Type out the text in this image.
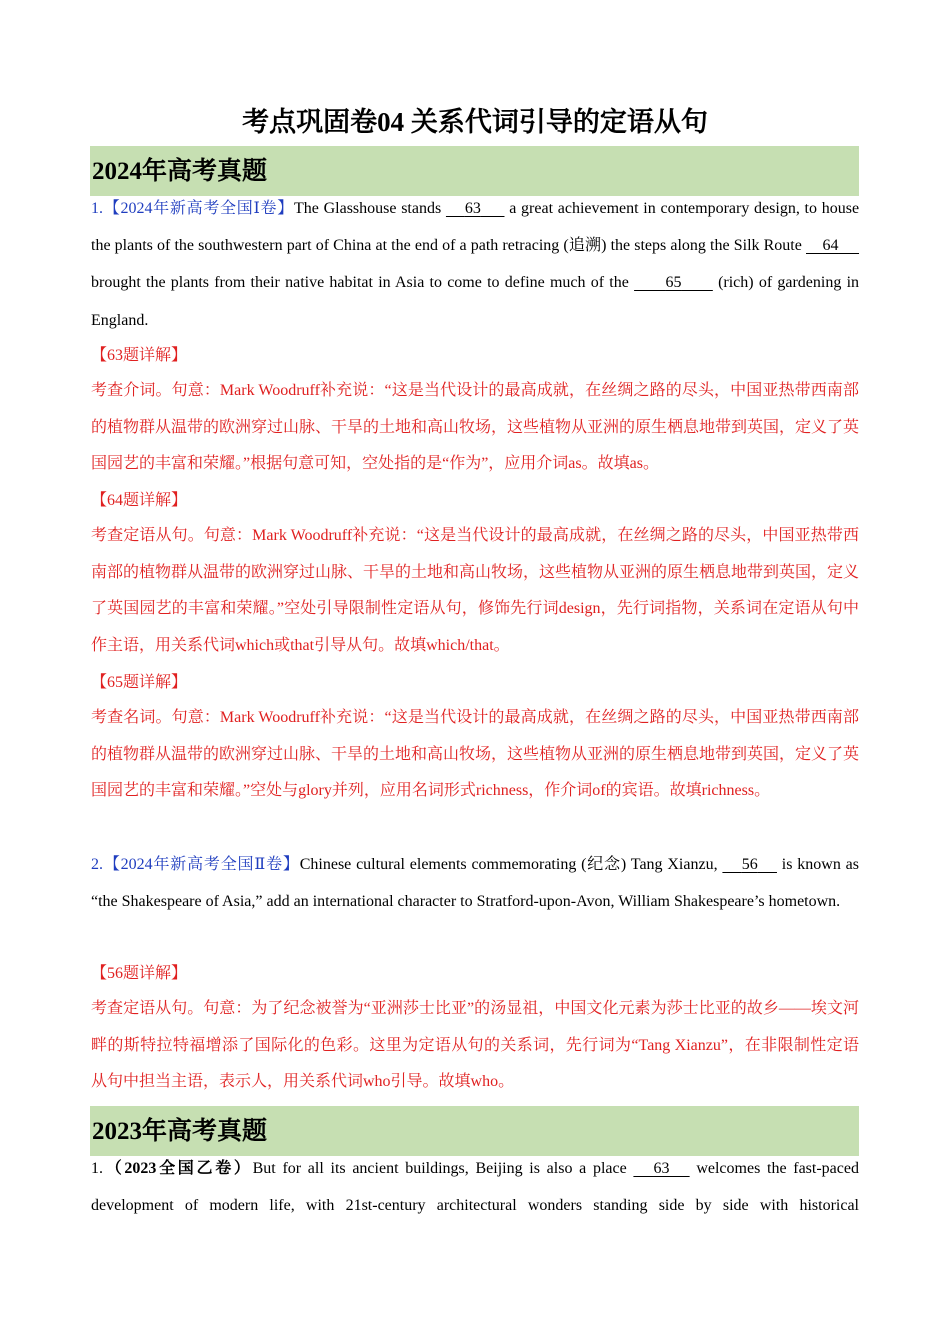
考点巩固卷04 关系代词引导的定语从句
2024年高考真题
1.【2024年新高考全国Ⅰ卷】The Glasshouse stands 63 a great achievement in contemporary design, to house the plants of the southwestern part of China at the end of a path retracing (追溯) the steps along the Silk Route 64      brought the plants from their native habitat in Asia to come to define much of the 65 (rich) of gardening in England.
【63题详解】
考查介词。句意：Mark Woodruff补充说：“这是当代设计的最高成就，在丝绸之路的尽头，中国亚热带西南部的植物群从温带的欧洲穿过山脉、干旱的土地和高山牧场，这些植物从亚洲的原生栖息地带到英国，定义了英国园艺的丰富和荣耀。”根据句意可知，空处指的是“作为”，应用介词as。故填as。
【64题详解】
考查定语从句。句意：Mark Woodruff补充说：“这是当代设计的最高成就，在丝绸之路的尽头，中国亚热带西南部的植物群从温带的欧洲穿过山脉、干旱的土地和高山牧场，这些植物从亚洲的原生栖息地带到英国，定义了英国园艺的丰富和荣耀。”空处引导限制性定语从句，修饰先行词design，先行词指物，关系词在定语从句中作主语，用关系代词which或that引导从句。故填which/that。
【65题详解】
考查名词。句意：Mark Woodruff补充说：“这是当代设计的最高成就，在丝绸之路的尽头，中国亚热带西南部的植物群从温带的欧洲穿过山脉、干旱的土地和高山牧场，这些植物从亚洲的原生栖息地带到英国，定义了英国园艺的丰富和荣耀。”空处与glory并列，应用名词形式richness，作介词of的宾语。故填richness。
2.【2024年新高考全国Ⅱ卷】Chinese cultural elements commemorating (纪念) Tang Xianzu, 56 is known as “the Shakespeare of Asia,” add an international character to Stratford-upon-Avon, William Shakespeare’s hometown.
【56题详解】
考查定语从句。句意：为了纪念被誉为“亚洲莎士比亚”的汤显祖，中国文化元素为莎士比亚的故乡——埃文河畔的斯特拉特福增添了国际化的色彩。这里为定语从句的关系词，先行词为“Tang Xianzu”，在非限制性定语从句中担当主语，表示人，用关系代词who引导。故填who。
2023年高考真题
1.（2023全国乙卷）But for all its ancient buildings, Beijing is also a place 63 welcomes the fast-paced development of modern life, with 21st-century architectural wonders standing side by side with historical
